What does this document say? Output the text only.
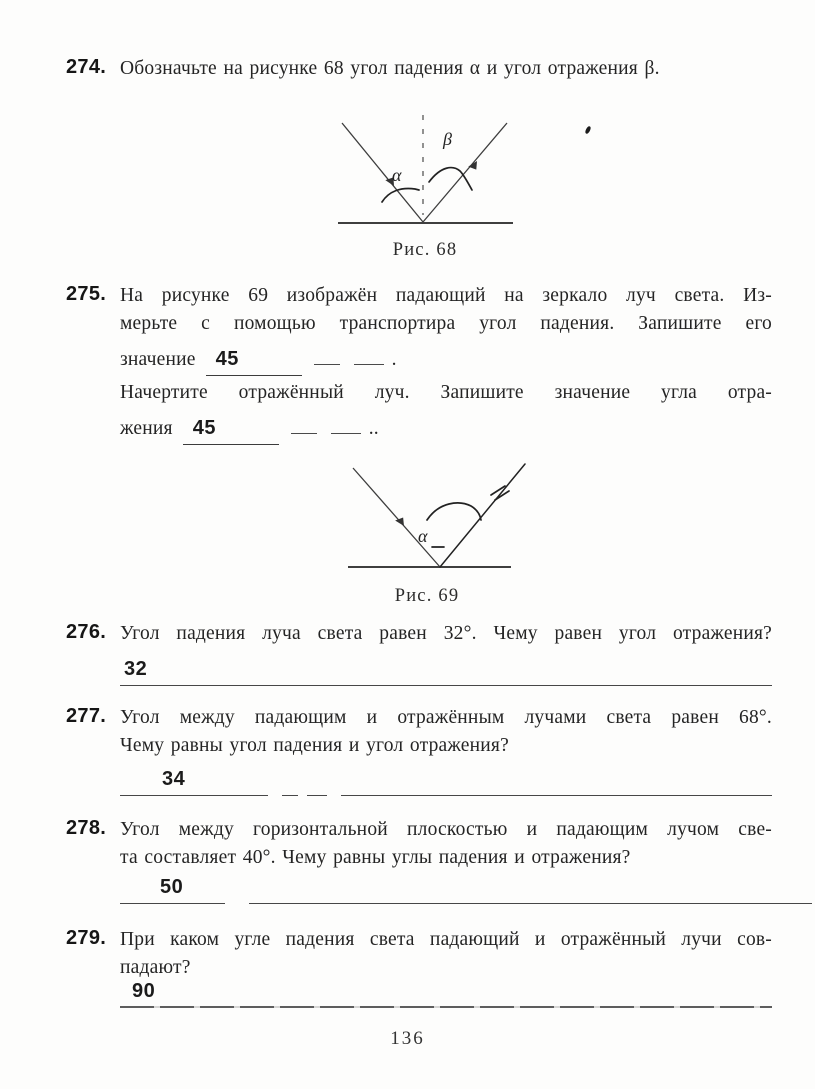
274. Обозначьте на рисунке 68 угол падения α и угол отражения β.
α
β
Рис. 68
275. На рисунке 69 изображён падающий на зеркало луч света. Из-
мерьте с помощью транспортира угол падения. Запишите его
значение	45	.
Начертите отражённый луч. Запишите значение угла отра-
жения	45	..
α
Рис. 69
276. Угол падения луча света равен 32°. Чему равен угол отражения?
32
277. Угол между падающим и отражённым лучами света равен 68°.
Чему равны угол падения и угол отражения?
34
278. Угол между горизонтальной плоскостью и падающим лучом све-
та составляет 40°. Чему равны углы падения и отражения?
50
279. При каком угле падения света падающий и отражённый лучи сов-
падают?
90
136
